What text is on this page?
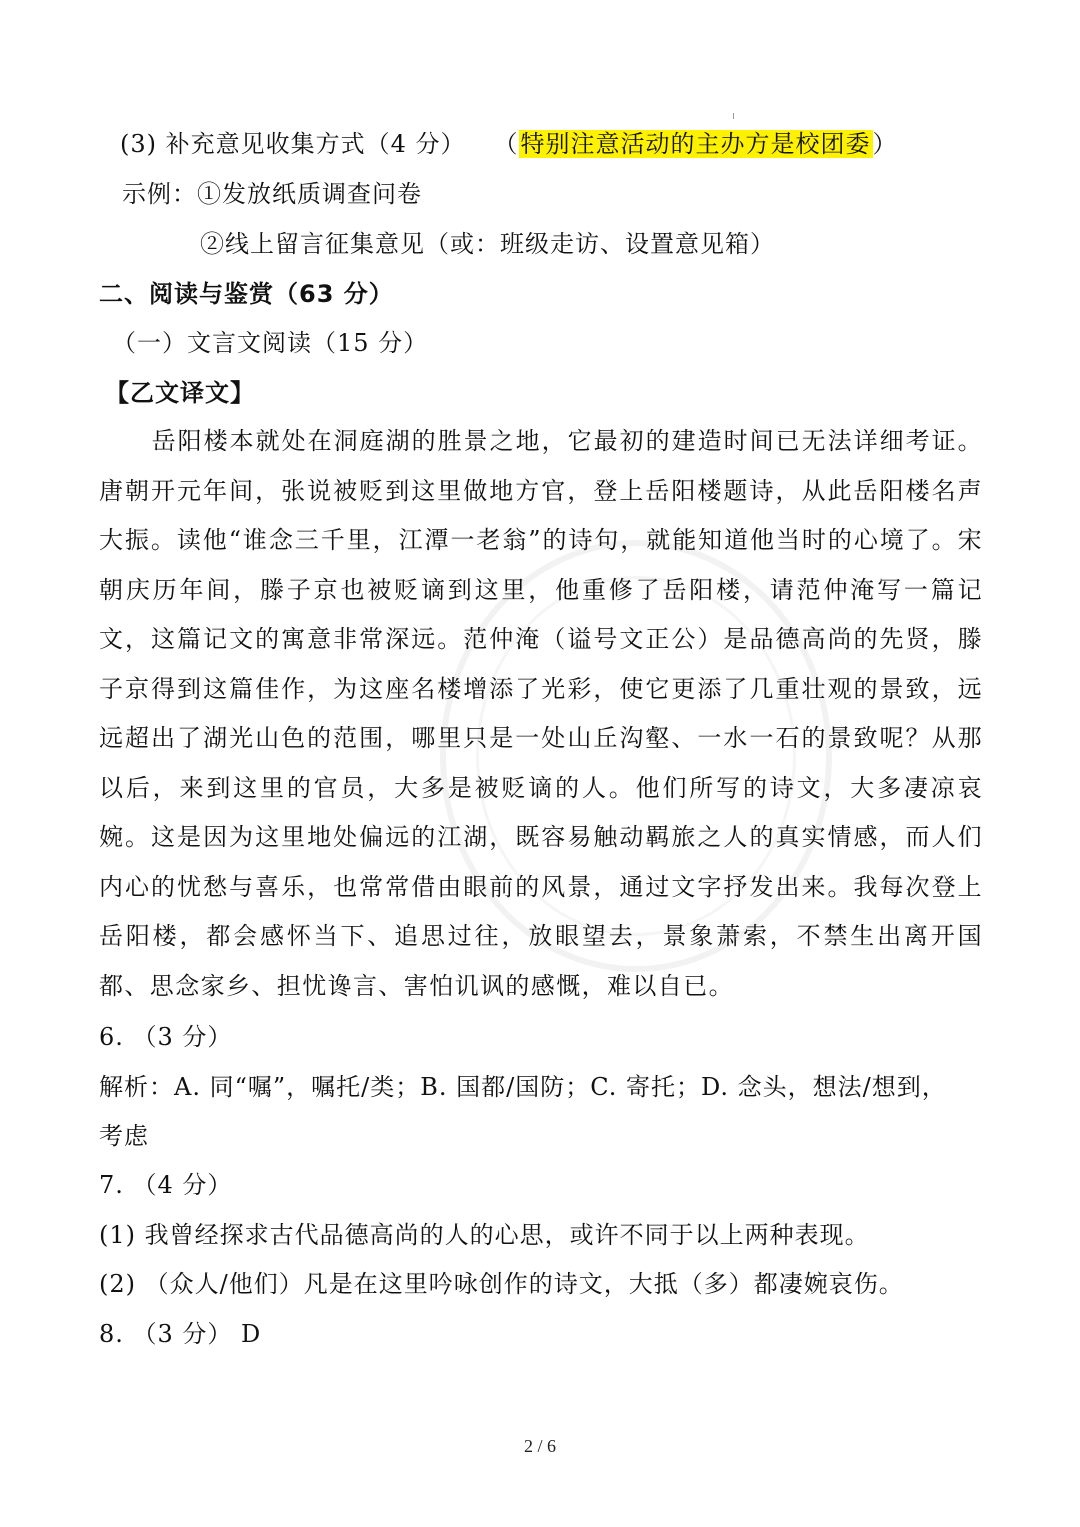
(3) 补充意见收集方式（4 分） （特别注意活动的主办方是校团委）
示例：①发放纸质调查问卷
②线上留言征集意见（或：班级走访、设置意见箱）
二、阅读与鉴赏（63 分）
（一）文言文阅读（15 分）
【乙文译文】
岳阳楼本就处在洞庭湖的胜景之地，它最初的建造时间已无法详细考证。唐朝开元年间，张说被贬到这里做地方官，登上岳阳楼题诗，从此岳阳楼名声大振。读他“谁念三千里，江潭一老翁”的诗句，就能知道他当时的心境了。宋朝庆历年间，滕子京也被贬谪到这里，他重修了岳阳楼，请范仲淹写一篇记文，这篇记文的寓意非常深远。范仲淹（谥号文正公）是品德高尚的先贤，滕子京得到这篇佳作，为这座名楼增添了光彩，使它更添了几重壮观的景致，远远超出了湖光山色的范围，哪里只是一处山丘沟壑、一水一石的景致呢？从那以后，来到这里的官员，大多是被贬谪的人。他们所写的诗文，大多凄凉哀婉。这是因为这里地处偏远的江湖，既容易触动羁旅之人的真实情感，而人们内心的忧愁与喜乐，也常常借由眼前的风景，通过文字抒发出来。我每次登上岳阳楼，都会感怀当下、追思过往，放眼望去，景象萧索，不禁生出离开国都、思念家乡、担忧谗言、害怕讥讽的感慨，难以自已。
6. （3 分）
解析：A. 同“嘱”，嘱托/类；B. 国都/国防；C. 寄托；D. 念头，想法/想到，
考虑
7. （4 分）
(1) 我曾经探求古代品德高尚的人的心思，或许不同于以上两种表现。
(2) （众人/他们）凡是在这里吟咏创作的诗文，大抵（多）都凄婉哀伤。
8. （3 分） D
2 / 6
